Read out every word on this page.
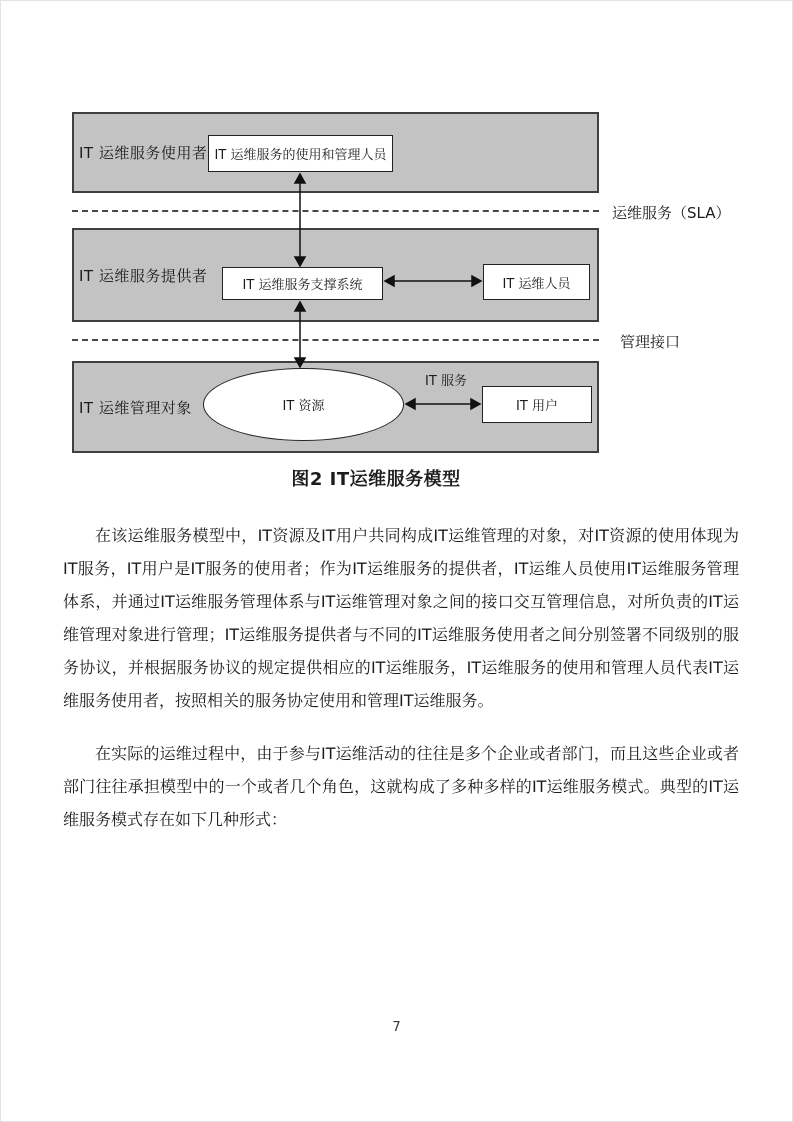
IT 运维服务使用者
IT 运维服务提供者
IT 运维管理对象
运维服务（SLA）
管理接口
IT 运维服务的使用和管理人员
IT 运维服务支撑系统	IT 运维人员
IT 资源	IT 用户
IT 服务
图2 IT运维服务模型

在该运维服务模型中，IT资源及IT用户共同构成IT运维管理的对象，对IT资源的使用体现为IT服务，IT用户是IT服务的使用者；作为IT运维服务的提供者，IT运维人员使用IT运维服务管理体系，并通过IT运维服务管理体系与IT运维管理对象之间的接口交互管理信息，对所负责的IT运维管理对象进行管理；IT运维服务提供者与不同的IT运维服务使用者之间分别签署不同级别的服务协议，并根据服务协议的规定提供相应的IT运维服务，IT运维服务的使用和管理人员代表IT运维服务使用者，按照相关的服务协定使用和管理IT运维服务。

在实际的运维过程中，由于参与IT运维活动的往往是多个企业或者部门，而且这些企业或者部门往往承担模型中的一个或者几个角色，这就构成了多种多样的IT运维服务模式。典型的IT运维服务模式存在如下几种形式：

7
